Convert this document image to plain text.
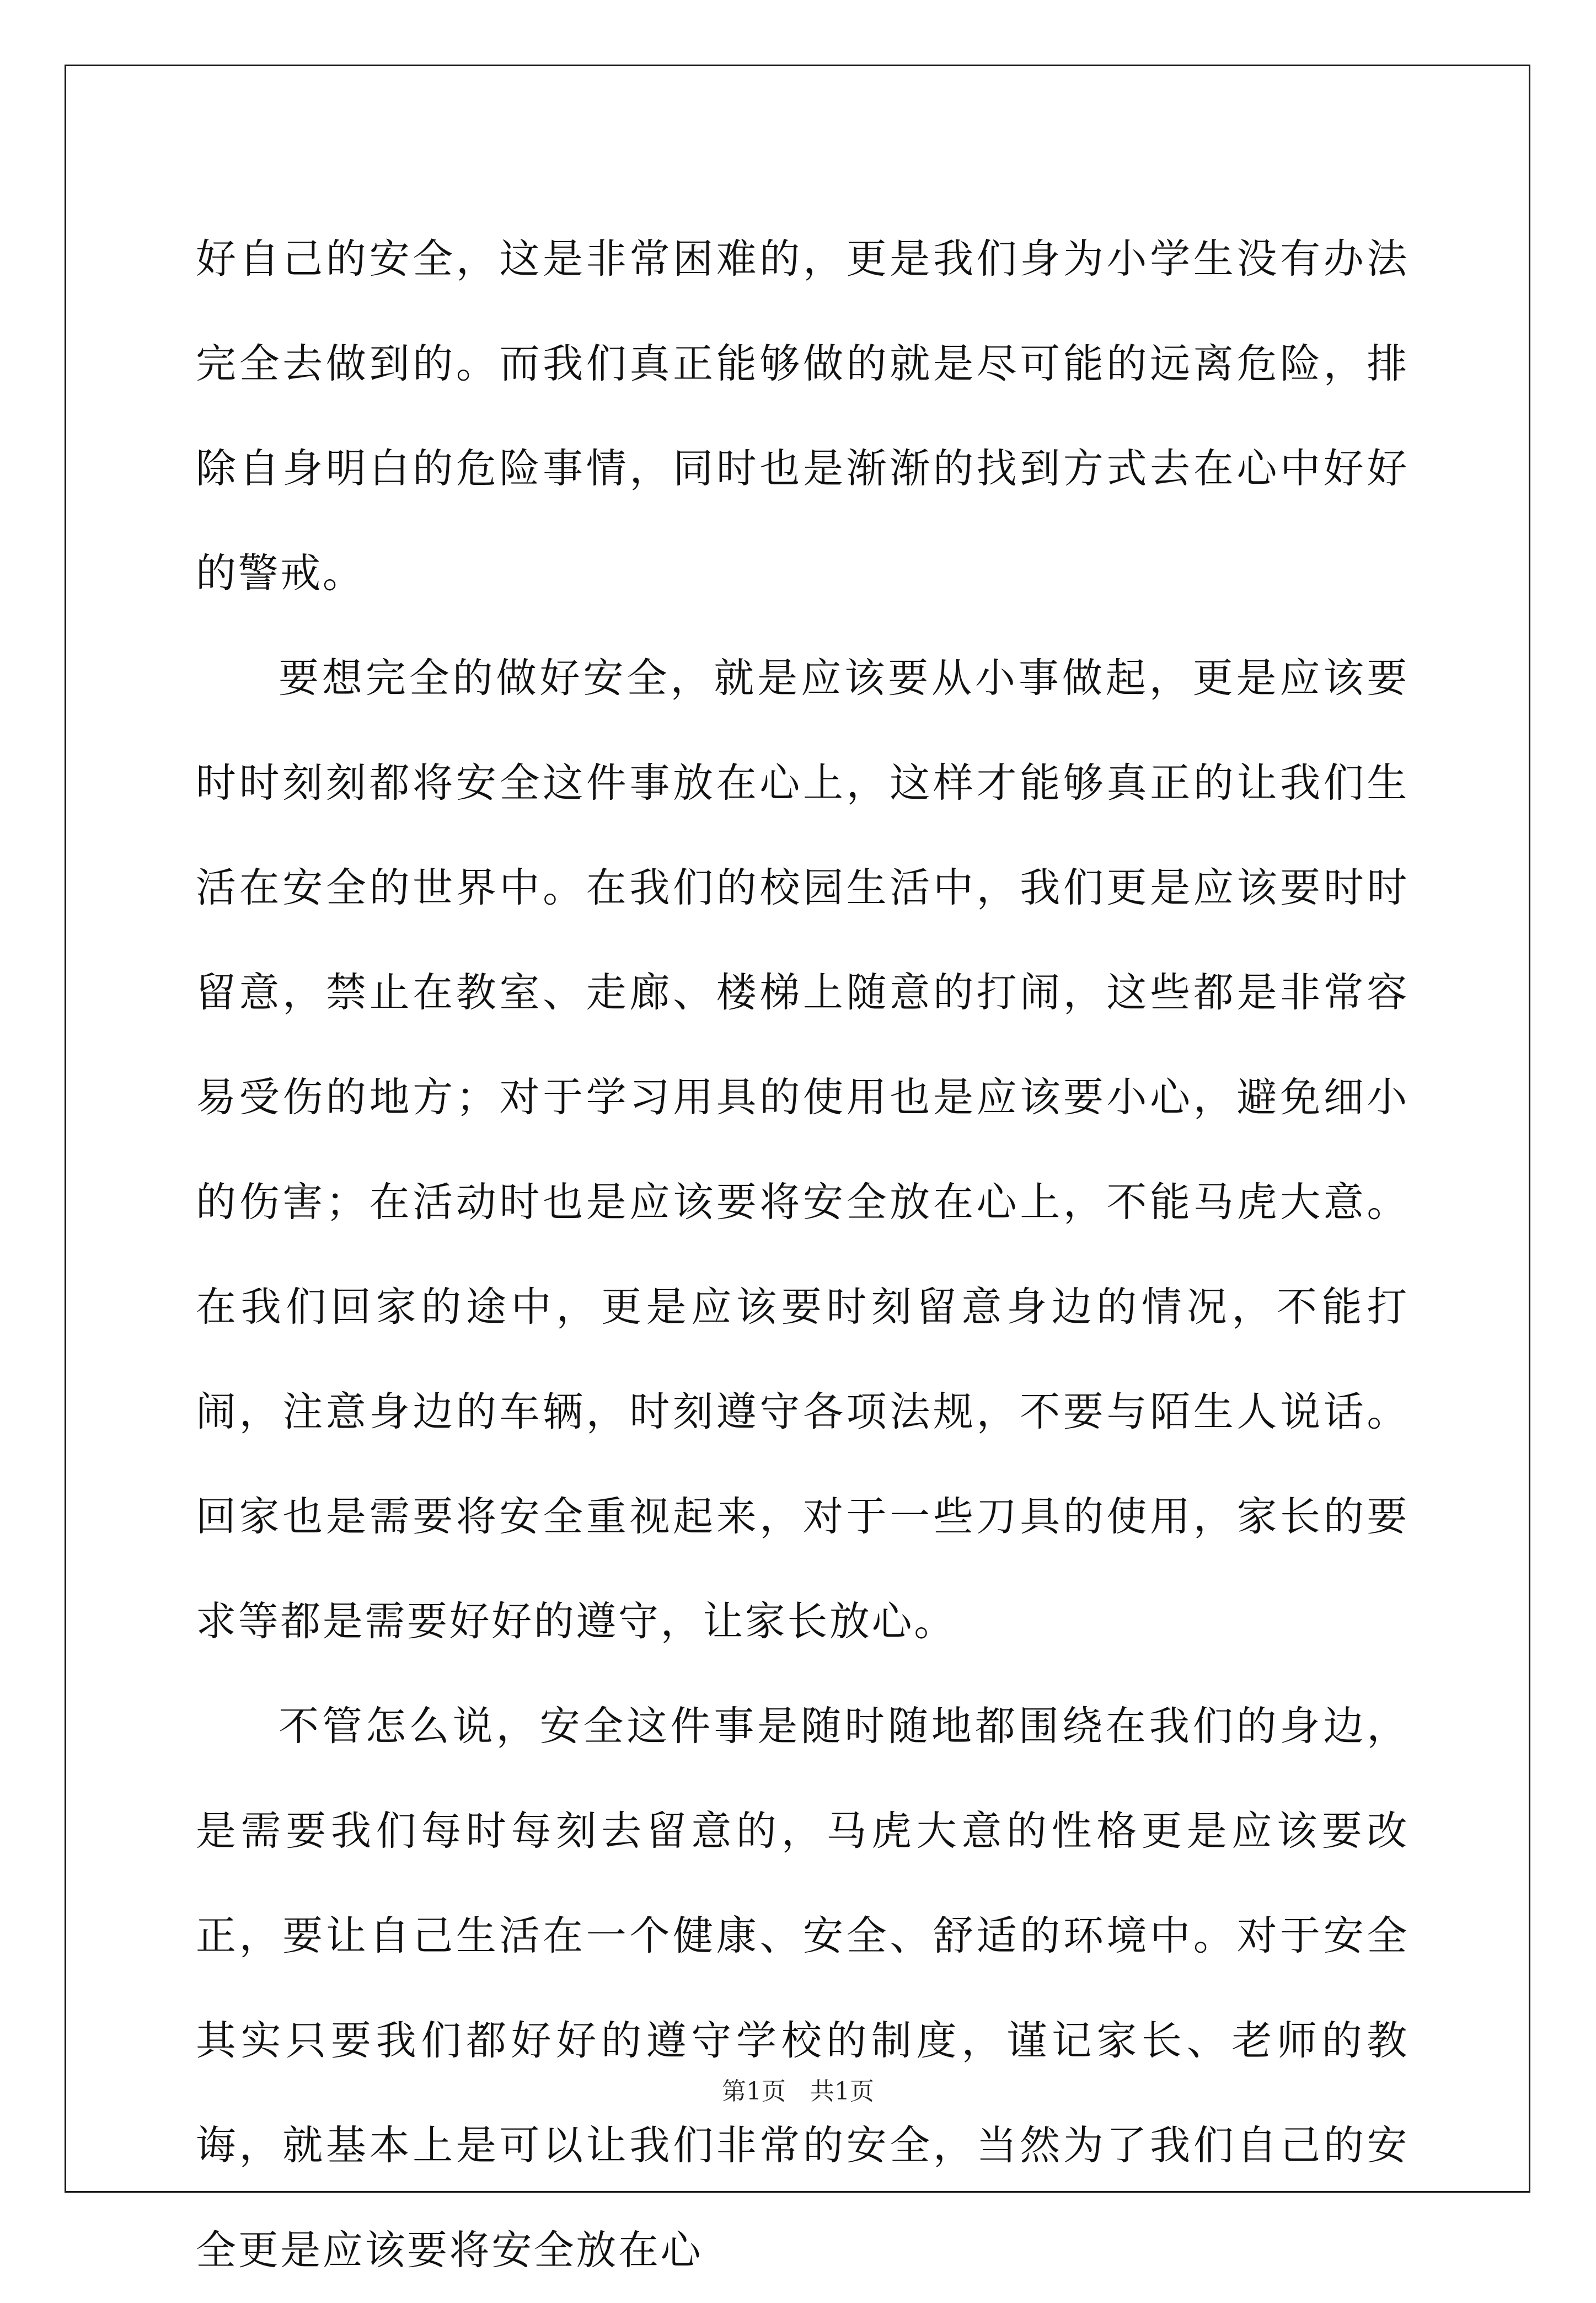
好自己的安全，这是非常困难的，更是我们身为小学生没有办法完全去做到的。而我们真正能够做的就是尽可能的远离危险，排除自身明白的危险事情，同时也是渐渐的找到方式去在心中好好的警戒。

要想完全的做好安全，就是应该要从小事做起，更是应该要时时刻刻都将安全这件事放在心上，这样才能够真正的让我们生活在安全的世界中。在我们的校园生活中，我们更是应该要时时留意，禁止在教室、走廊、楼梯上随意的打闹，这些都是非常容易受伤的地方；对于学习用具的使用也是应该要小心，避免细小的伤害；在活动时也是应该要将安全放在心上，不能马虎大意。在我们回家的途中，更是应该要时刻留意身边的情况，不能打闹，注意身边的车辆，时刻遵守各项法规，不要与陌生人说话。回家也是需要将安全重视起来，对于一些刀具的使用，家长的要求等都是需要好好的遵守，让家长放心。

不管怎么说，安全这件事是随时随地都围绕在我们的身边，是需要我们每时每刻去留意的，马虎大意的性格更是应该要改正，要让自己生活在一个健康、安全、舒适的环境中。对于安全其实只要我们都好好的遵守学校的制度，谨记家长、老师的教诲，就基本上是可以让我们非常的安全，当然为了我们自己的安全更是应该要将安全放在心

第1页　共1页
